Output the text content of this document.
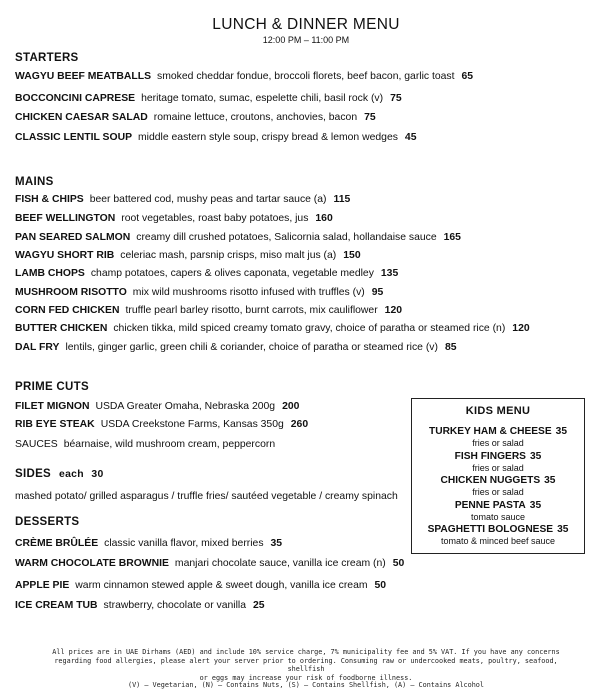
LUNCH & DINNER MENU
12:00 PM – 11:00 PM
STARTERS
WAGYU BEEF MEATBALLS smoked cheddar fondue, broccoli florets, beef bacon, garlic toast 65
BOCCONCINI CAPRESE heritage tomato, sumac, espelette chili, basil rock (v) 75
CHICKEN CAESAR SALAD romaine lettuce, croutons, anchovies, bacon 75
CLASSIC LENTIL SOUP middle eastern style soup, crispy bread & lemon wedges 45
MAINS
FISH & CHIPS beer battered cod, mushy peas and tartar sauce (a) 115
BEEF WELLINGTON root vegetables, roast baby potatoes, jus 160
PAN SEARED SALMON creamy dill crushed potatoes, Salicornia salad, hollandaise sauce 165
WAGYU SHORT RIB celeriac mash, parsnip crisps, miso malt jus (a) 150
LAMB CHOPS champ potatoes, capers & olives caponata, vegetable medley 135
MUSHROOM RISOTTO mix wild mushrooms risotto infused with truffles (v) 95
CORN FED CHICKEN truffle pearl barley risotto, burnt carrots, mix cauliflower 120
BUTTER CHICKEN chicken tikka, mild spiced creamy tomato gravy, choice of paratha or steamed rice (n) 120
DAL FRY lentils, ginger garlic, green chili & coriander, choice of paratha or steamed rice (v) 85
PRIME CUTS
FILET MIGNON USDA Greater Omaha, Nebraska 200g 200
RIB EYE STEAK USDA Creekstone Farms, Kansas 350g 260
SAUCES béarnaise, wild mushroom cream, peppercorn
SIDES each 30
mashed potato/ grilled asparagus / truffle fries/ sautéed vegetable / creamy spinach
DESSERTS
CRÈME BRÛLÉE classic vanilla flavor, mixed berries 35
WARM CHOCOLATE BROWNIE manjari chocolate sauce, vanilla ice cream (n) 50
APPLE PIE warm cinnamon stewed apple & sweet dough, vanilla ice cream 50
ICE CREAM TUB strawberry, chocolate or vanilla 25
KIDS MENU
TURKEY HAM & CHEESE 35
fries or salad
FISH FINGERS 35
fries or salad
CHICKEN NUGGETS 35
fries or salad
PENNE PASTA 35
tomato sauce
SPAGHETTI BOLOGNESE 35
tomato & minced beef sauce
All prices are in UAE Dirhams (AED) and include 10% service charge, 7% municipality fee and 5% VAT. If you have any concerns
regarding food allergies, please alert your server prior to ordering. Consuming raw or undercooked meats, poultry, seafood, shellfish
or eggs may increase your risk of foodborne illness.
(V) – Vegetarian, (N) – Contains Nuts, (S) – Contains Shellfish, (A) – Contains Alcohol
